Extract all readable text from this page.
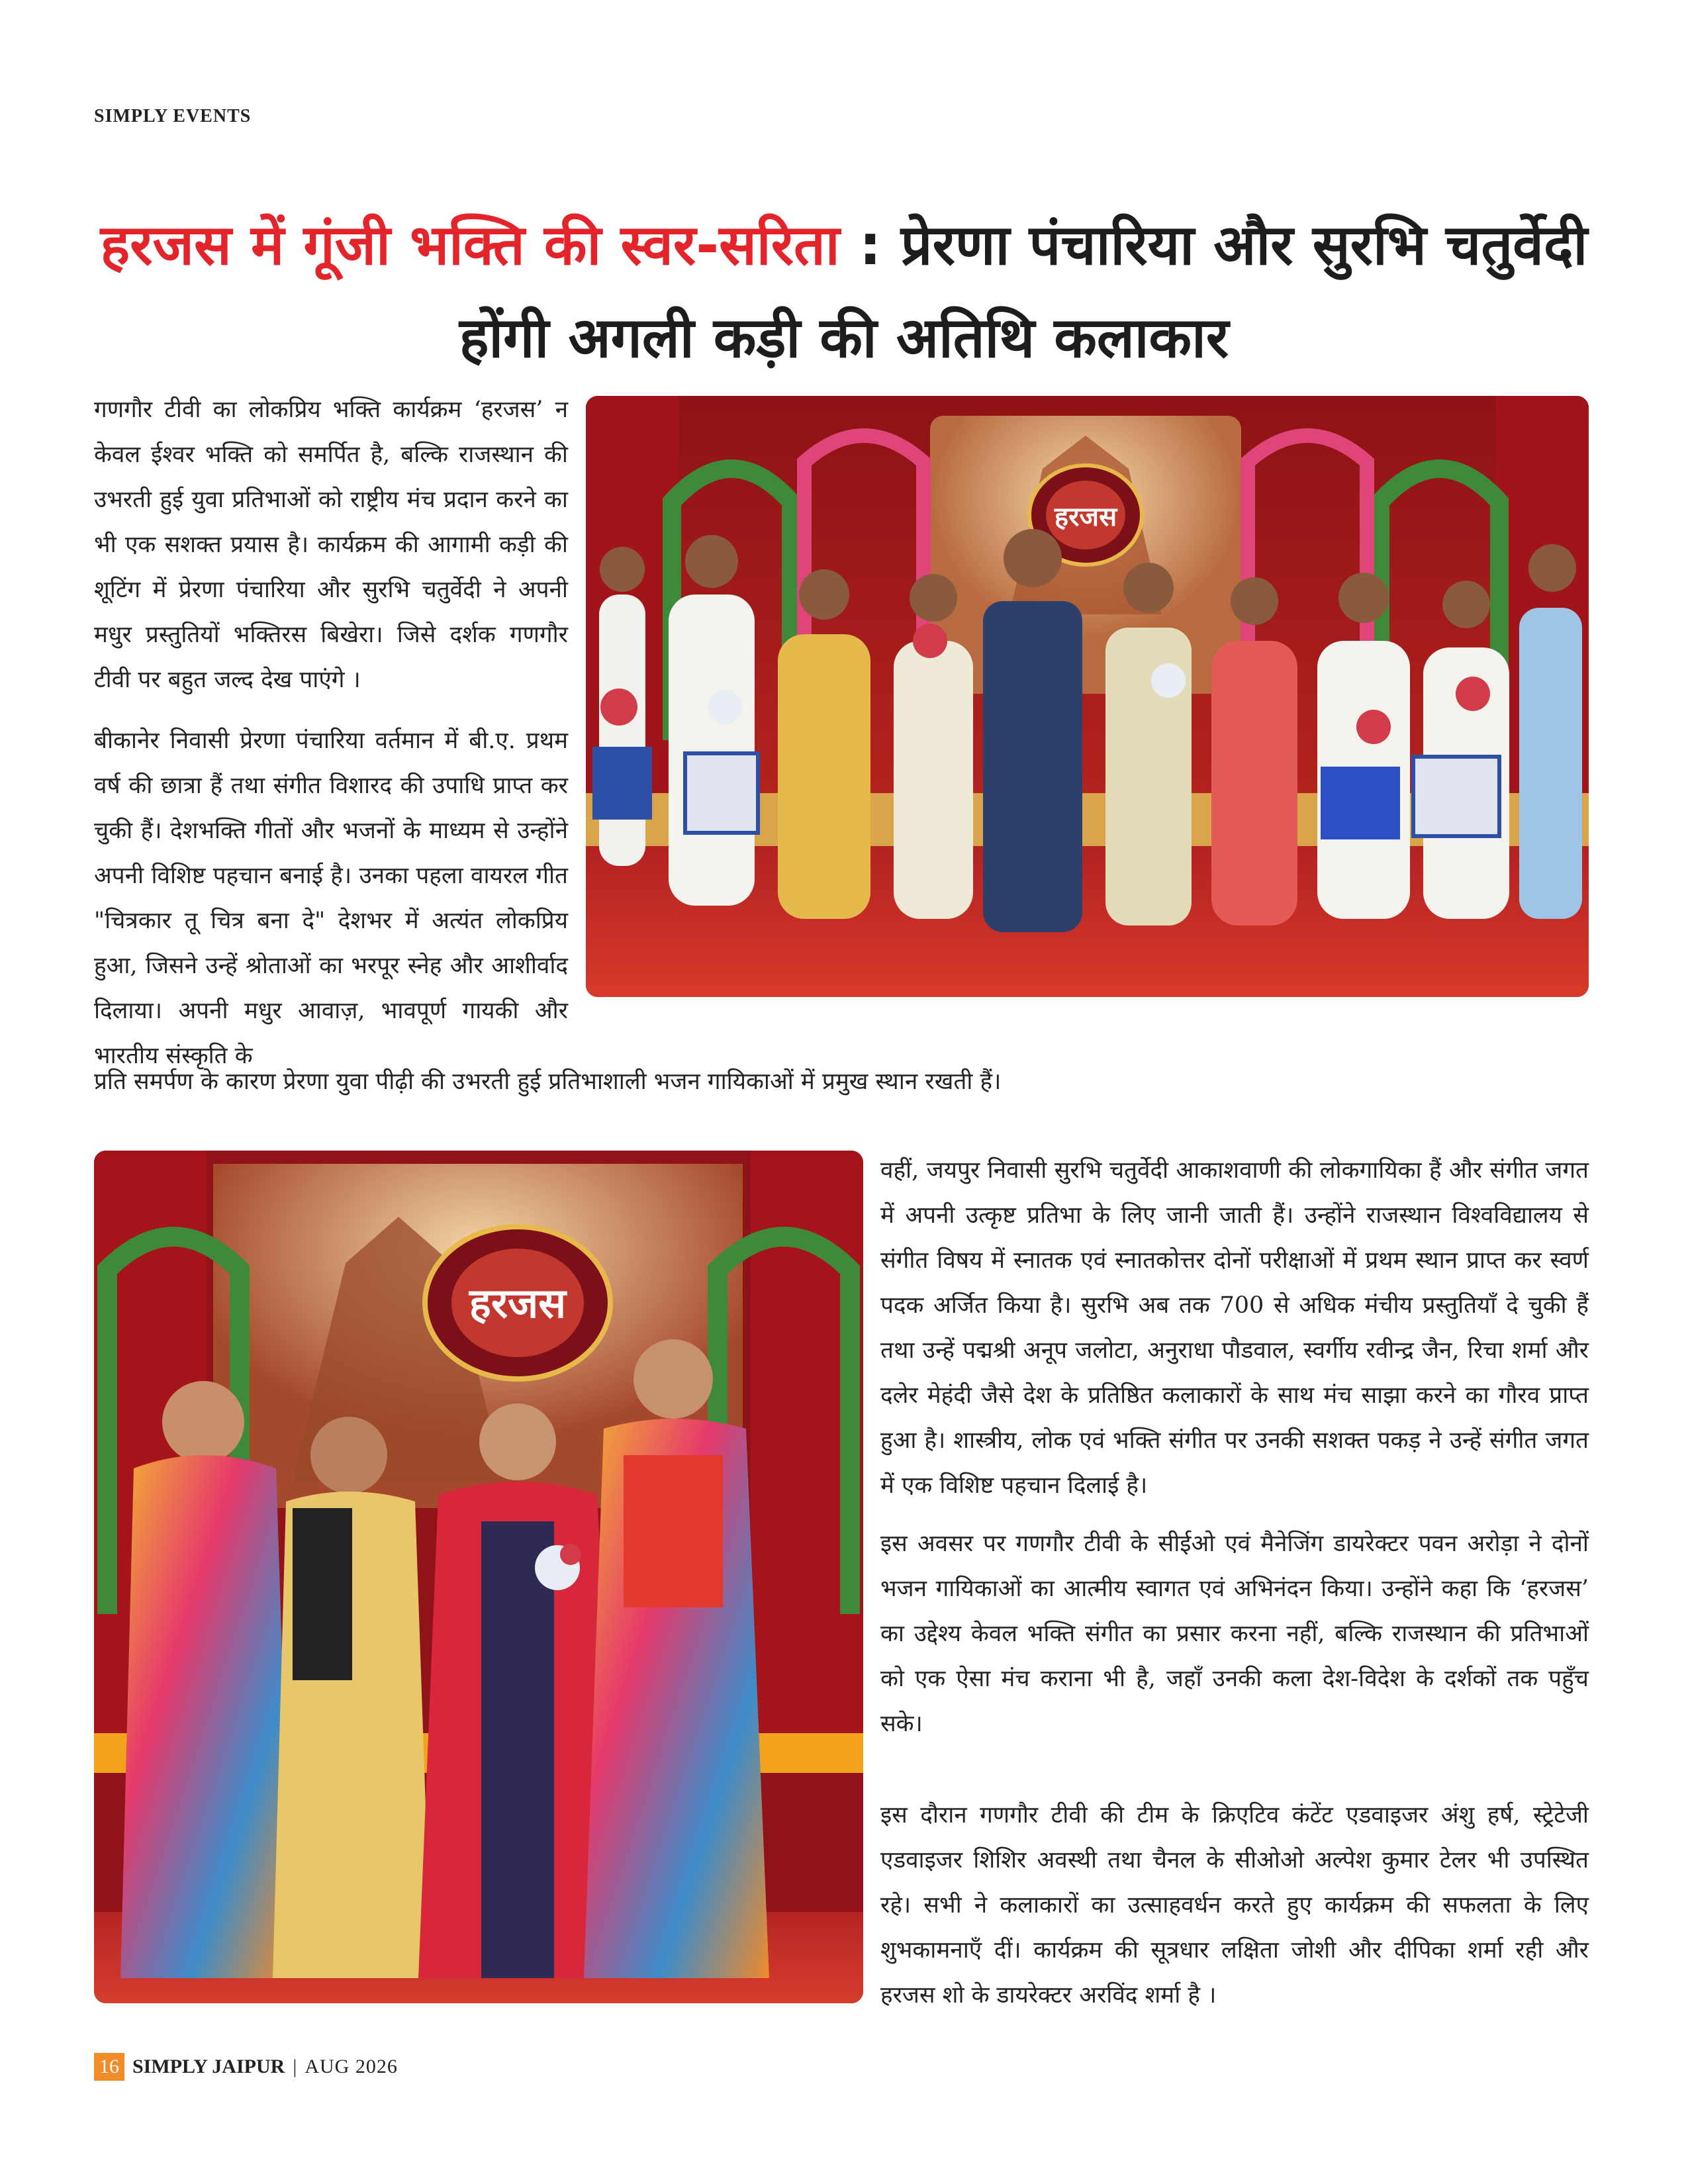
SIMPLY EVENTS
हरजस में गूंजी भक्ति की स्वर-सरिता : प्रेरणा पंचारिया और सुरभि चतुर्वेदी होंगी अगली कड़ी की अतिथि कलाकार

गणगौर टीवी का लोकप्रिय भक्ति कार्यक्रम ‘हरजस’ न केवल ईश्वर भक्ति को समर्पित है, बल्कि राजस्थान की उभरती हुई युवा प्रतिभाओं को राष्ट्रीय मंच प्रदान करने का भी एक सशक्त प्रयास है। कार्यक्रम की आगामी कड़ी की शूटिंग में प्रेरणा पंचारिया और सुरभि चतुर्वेदी ने अपनी मधुर प्रस्तुतियों भक्तिरस बिखेरा। जिसे दर्शक गणगौर टीवी पर बहुत जल्द देख पाएंगे ।

बीकानेर निवासी प्रेरणा पंचारिया वर्तमान में बी.ए. प्रथम वर्ष की छात्रा हैं तथा संगीत विशारद की उपाधि प्राप्त कर चुकी हैं। देशभक्ति गीतों और भजनों के माध्यम से उन्होंने अपनी विशिष्ट पहचान बनाई है। उनका पहला वायरल गीत "चित्रकार तू चित्र बना दे" देशभर में अत्यंत लोकप्रिय हुआ, जिसने उन्हें श्रोताओं का भरपूर स्नेह और आशीर्वाद दिलाया। अपनी मधुर आवाज़, भावपूर्ण गायकी और भारतीय संस्कृति के

प्रति समर्पण के कारण प्रेरणा युवा पीढ़ी की उभरती हुई प्रतिभाशाली भजन गायिकाओं में प्रमुख स्थान रखती हैं।

हरजस
हरजस

वहीं, जयपुर निवासी सुरभि चतुर्वेदी आकाशवाणी की लोकगायिका हैं और संगीत जगत में अपनी उत्कृष्ट प्रतिभा के लिए जानी जाती हैं। उन्होंने राजस्थान विश्वविद्यालय से संगीत विषय में स्नातक एवं स्नातकोत्तर दोनों परीक्षाओं में प्रथम स्थान प्राप्त कर स्वर्ण पदक अर्जित किया है। सुरभि अब तक 700 से अधिक मंचीय प्रस्तुतियाँ दे चुकी हैं तथा उन्हें पद्मश्री अनूप जलोटा, अनुराधा पौडवाल, स्वर्गीय रवीन्द्र जैन, रिचा शर्मा और दलेर मेहंदी जैसे देश के प्रतिष्ठित कलाकारों के साथ मंच साझा करने का गौरव प्राप्त हुआ है। शास्त्रीय, लोक एवं भक्ति संगीत पर उनकी सशक्त पकड़ ने उन्हें संगीत जगत में एक विशिष्ट पहचान दिलाई है।

इस अवसर पर गणगौर टीवी के सीईओ एवं मैनेजिंग डायरेक्टर पवन अरोड़ा ने दोनों भजन गायिकाओं का आत्मीय स्वागत एवं अभिनंदन किया। उन्होंने कहा कि ‘हरजस’ का उद्देश्य केवल भक्ति संगीत का प्रसार करना नहीं, बल्कि राजस्थान की प्रतिभाओं को एक ऐसा मंच कराना भी है, जहाँ उनकी कला देश-विदेश के दर्शकों तक पहुँच सके।

इस दौरान गणगौर टीवी की टीम के क्रिएटिव कंटेंट एडवाइजर अंशु हर्ष, स्ट्रेटेजी एडवाइजर शिशिर अवस्थी तथा चैनल के सीओओ अल्पेश कुमार टेलर भी उपस्थित रहे। सभी ने कलाकारों का उत्साहवर्धन करते हुए कार्यक्रम की सफलता के लिए शुभकामनाएँ दीं। कार्यक्रम की सूत्रधार लक्षिता जोशी और दीपिका शर्मा रही और हरजस शो के डायरेक्टर अरविंद शर्मा है ।

16 SIMPLY JAIPUR | AUG 2026
